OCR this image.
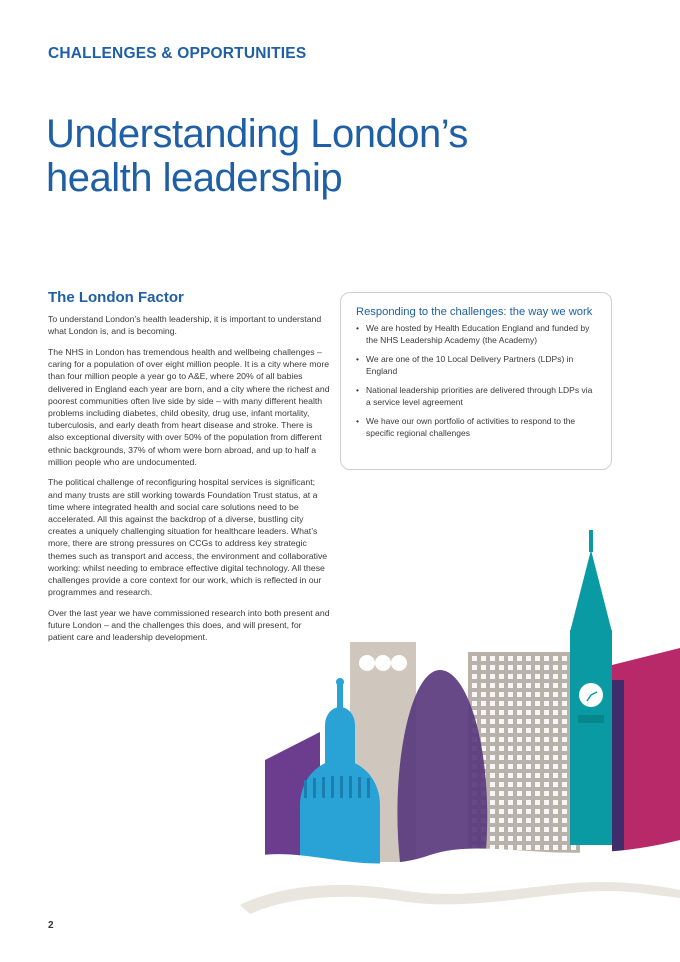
CHALLENGES & OPPORTUNITIES
Understanding London’s
health leadership
The London Factor

To understand London’s health leadership, it is important to understand what London is, and is becoming.

The NHS in London has tremendous health and wellbeing challenges – caring for a population of over eight million people. It is a city where more than four million people a year go to A&E, where 20% of all babies delivered in England each year are born, and a city where the richest and poorest communities often live side by side – with many different health problems including diabetes, child obesity, drug use, infant mortality, tuberculosis, and early death from heart disease and stroke. There is also exceptional diversity with over 50% of the population from different ethnic backgrounds, 37% of whom were born abroad, and up to half a million people who are undocumented.

The political challenge of reconfiguring hospital services is significant; and many trusts are still working towards Foundation Trust status, at a time where integrated health and social care solutions need to be accelerated. All this against the backdrop of a diverse, bustling city creates a uniquely challenging situation for healthcare leaders. What’s more, there are strong pressures on CCGs to address key strategic themes such as transport and access, the environment and collaborative working: whilst needing to embrace effective digital technology. All these challenges provide a core context for our work, which is reflected in our programmes and research.

Over the last year we have commissioned research into both present and future London – and the challenges this does, and will present, for patient care and leadership development.

Responding to the challenges: the way we work
• We are hosted by Health Education England and funded by the NHS Leadership Academy (the Academy)
• We are one of the 10 Local Delivery Partners (LDPs) in England
• National leadership priorities are delivered through LDPs via a service level agreement
• We have our own portfolio of activities to respond to the specific regional challenges
2
